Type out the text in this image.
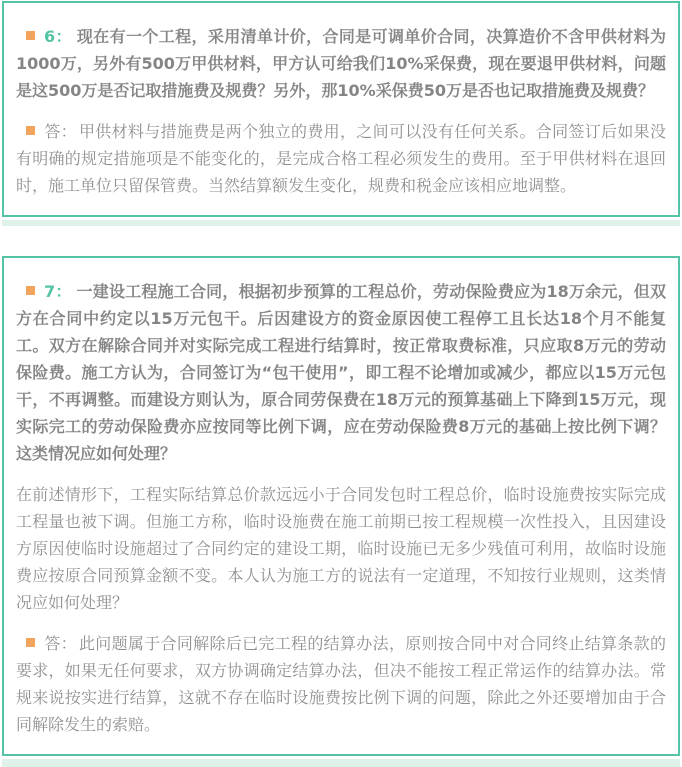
6： 现在有一个工程，采用清单计价，合同是可调单价合同，决算造价不含甲供材料为1000万，另外有500万甲供材料，甲方认可给我们10%采保费，现在要退甲供材料，问题是这500万是否记取措施费及规费？另外，那10%采保费50万是否也记取措施费及规费？

答： 甲供材料与措施费是两个独立的费用，之间可以没有任何关系。合同签订后如果没有明确的规定措施项是不能变化的，是完成合格工程必须发生的费用。至于甲供材料在退回时，施工单位只留保管费。当然结算额发生变化，规费和税金应该相应地调整。

7： 一建设工程施工合同，根据初步预算的工程总价，劳动保险费应为18万余元，但双方在合同中约定以15万元包干。后因建设方的资金原因使工程停工且长达18个月不能复工。双方在解除合同并对实际完成工程进行结算时，按正常取费标准，只应取8万元的劳动保险费。施工方认为，合同签订为“包干使用”，即工程不论增加或减少，都应以15万元包干，不再调整。而建设方则认为，原合同劳保费在18万元的预算基础上下降到15万元，现实际完工的劳动保险费亦应按同等比例下调，应在劳动保险费8万元的基础上按比例下调？这类情况应如何处理？

在前述情形下，工程实际结算总价款远远小于合同发包时工程总价，临时设施费按实际完成工程量也被下调。但施工方称，临时设施费在施工前期已按工程规模一次性投入，且因建设方原因使临时设施超过了合同约定的建设工期，临时设施已无多少残值可利用，故临时设施费应按原合同预算金额不变。本人认为施工方的说法有一定道理，不知按行业规则，这类情况应如何处理？

答： 此问题属于合同解除后已完工程的结算办法，原则按合同中对合同终止结算条款的要求，如果无任何要求，双方协调确定结算办法，但决不能按工程正常运作的结算办法。常规来说按实进行结算，这就不存在临时设施费按比例下调的问题，除此之外还要增加由于合同解除发生的索赔。
